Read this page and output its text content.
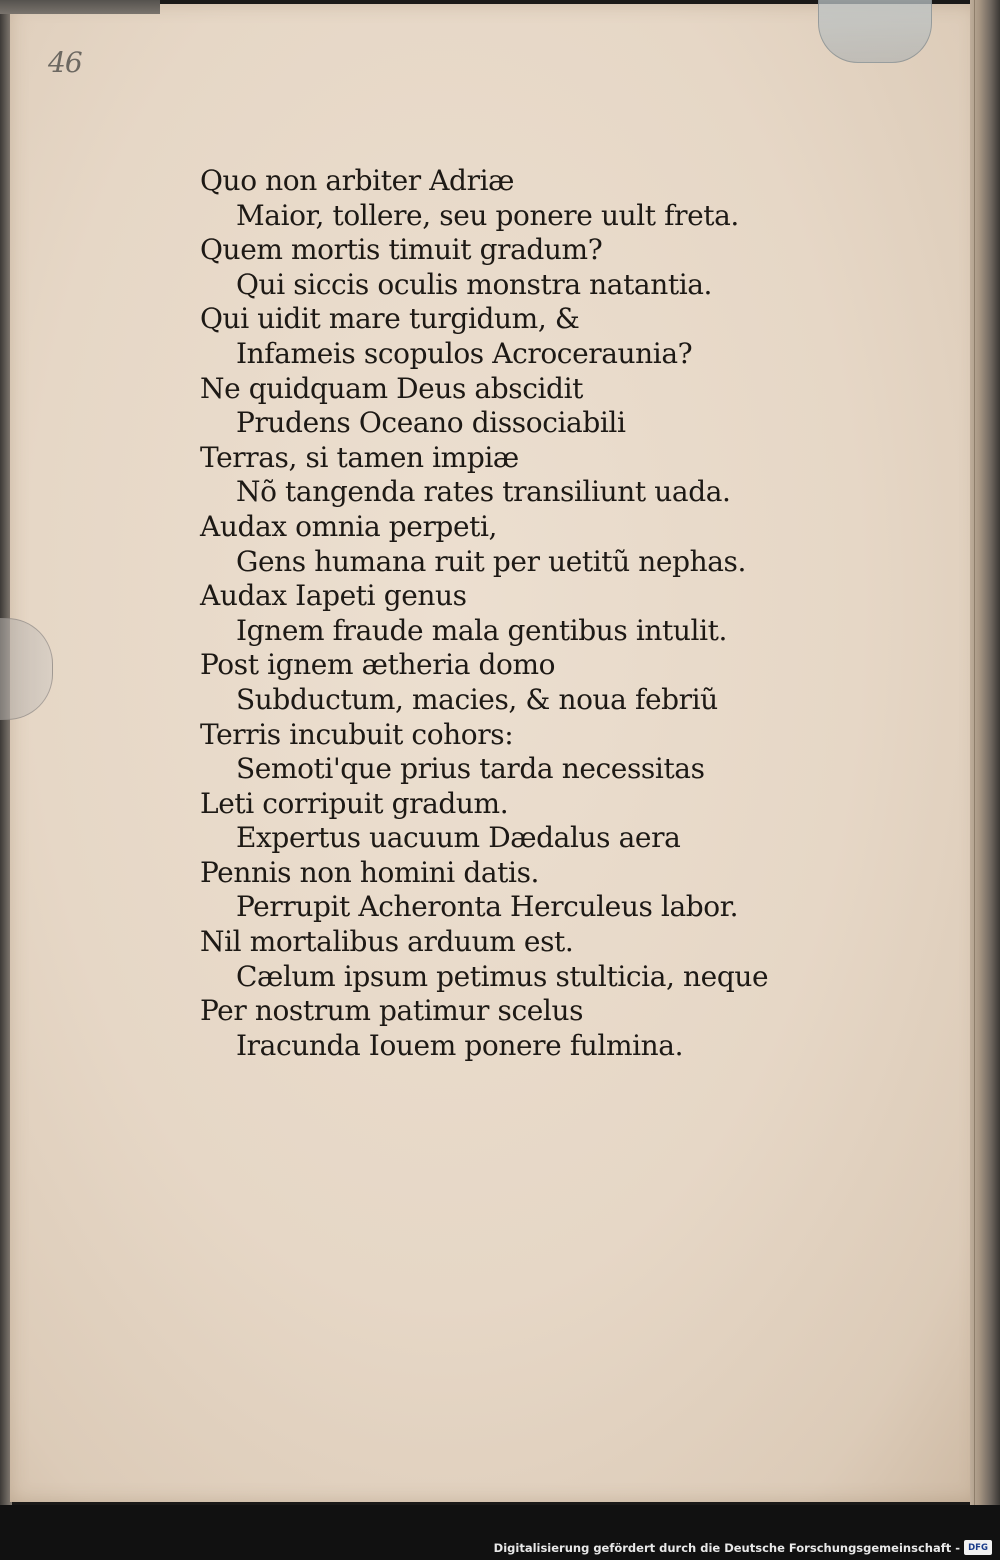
46
Quo non arbiter Adriæ
Maior, tollere, seu ponere uult freta.
Quem mortis timuit gradum?
Qui siccis oculis monstra natantia.
Qui uidit mare turgidum, &
Infameis scopulos Acroceraunia?
Ne quidquam Deus abscidit
Prudens Oceano dissociabili
Terras, si tamen impiæ
Nõ tangenda rates transiliunt uada.
Audax omnia perpeti,
Gens humana ruit per uetitũ nephas.
Audax Iapeti genus
Ignem fraude mala gentibus intulit.
Post ignem ætheria domo
Subductum, macies, & noua febriũ
Terris incubuit cohors:
Semoti'que prius tarda necessitas
Leti corripuit gradum.
Expertus uacuum Dædalus aera
Pennis non homini datis.
Perrupit Acheronta Herculeus labor.
Nil mortalibus arduum est.
Cælum ipsum petimus stulticia, neque
Per nostrum patimur scelus
Iracunda Iouem ponere fulmina.
Digitalisierung gefördert durch die Deutsche Forschungsgemeinschaft - DFG
